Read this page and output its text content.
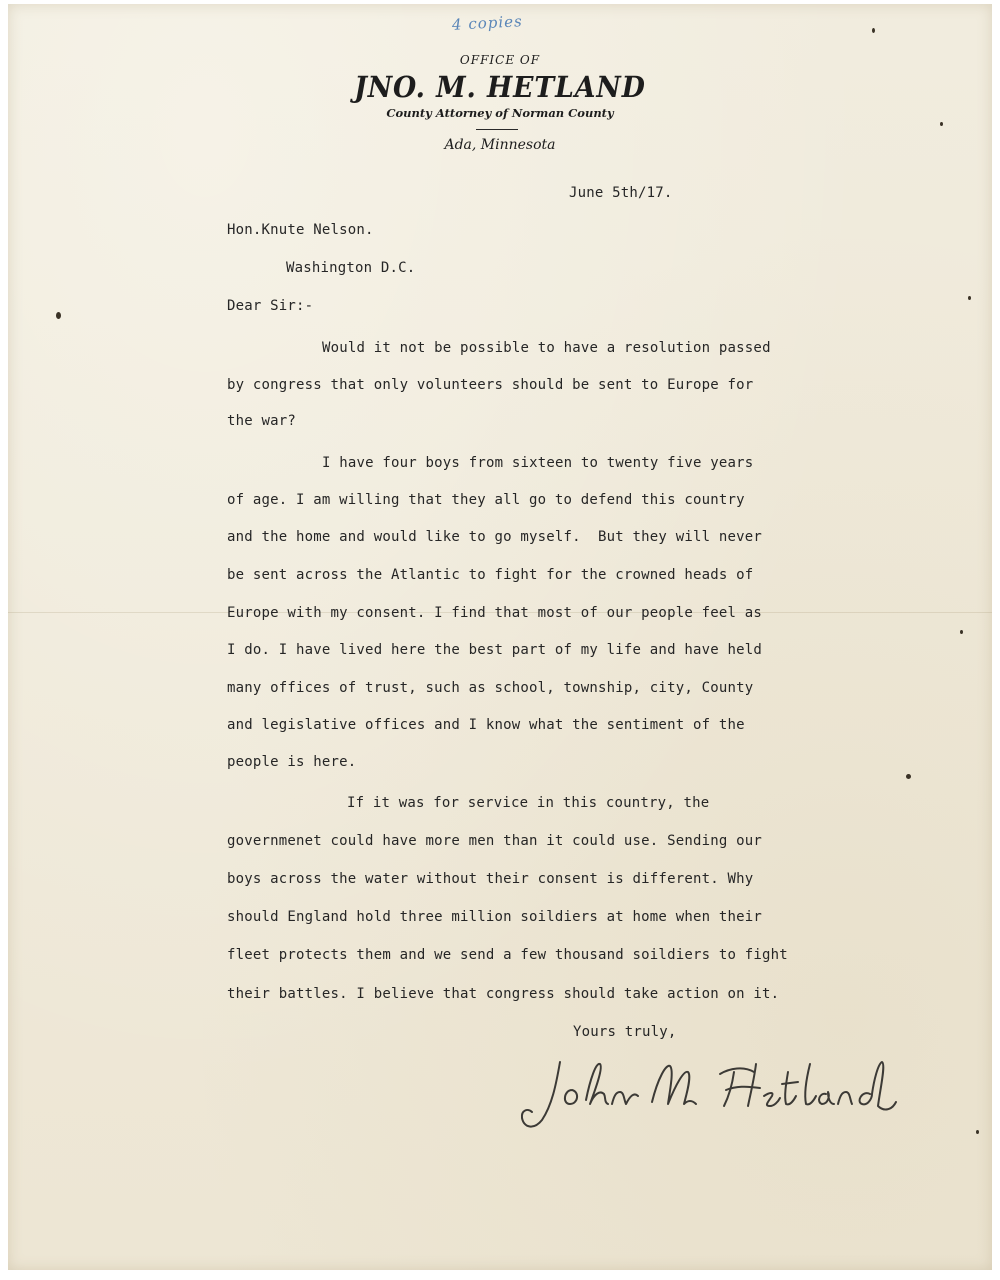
4 copies
OFFICE OF
JNO. M. HETLAND
County Attorney of Norman County
Ada, Minnesota
June 5th/17.
Hon.Knute Nelson.
Washington D.C.
Dear Sir:-
Would it not be possible to have a resolution passed
by congress that only volunteers should be sent to Europe for
the war?
I have four boys from sixteen to twenty five years
of age. I am willing that they all go to defend this country
and the home and would like to go myself.  But they will never
be sent across the Atlantic to fight for the crowned heads of
Europe with my consent. I find that most of our people feel as
I do. I have lived here the best part of my life and have held
many offices of trust, such as school, township, city, County
and legislative offices and I know what the sentiment of the
people is here.
If it was for service in this country, the
governmenet could have more men than it could use. Sending our
boys across the water without their consent is different. Why
should England hold three million soildiers at home when their
fleet protects them and we send a few thousand soildiers to fight
their battles. I believe that congress should take action on it.
Yours truly,
